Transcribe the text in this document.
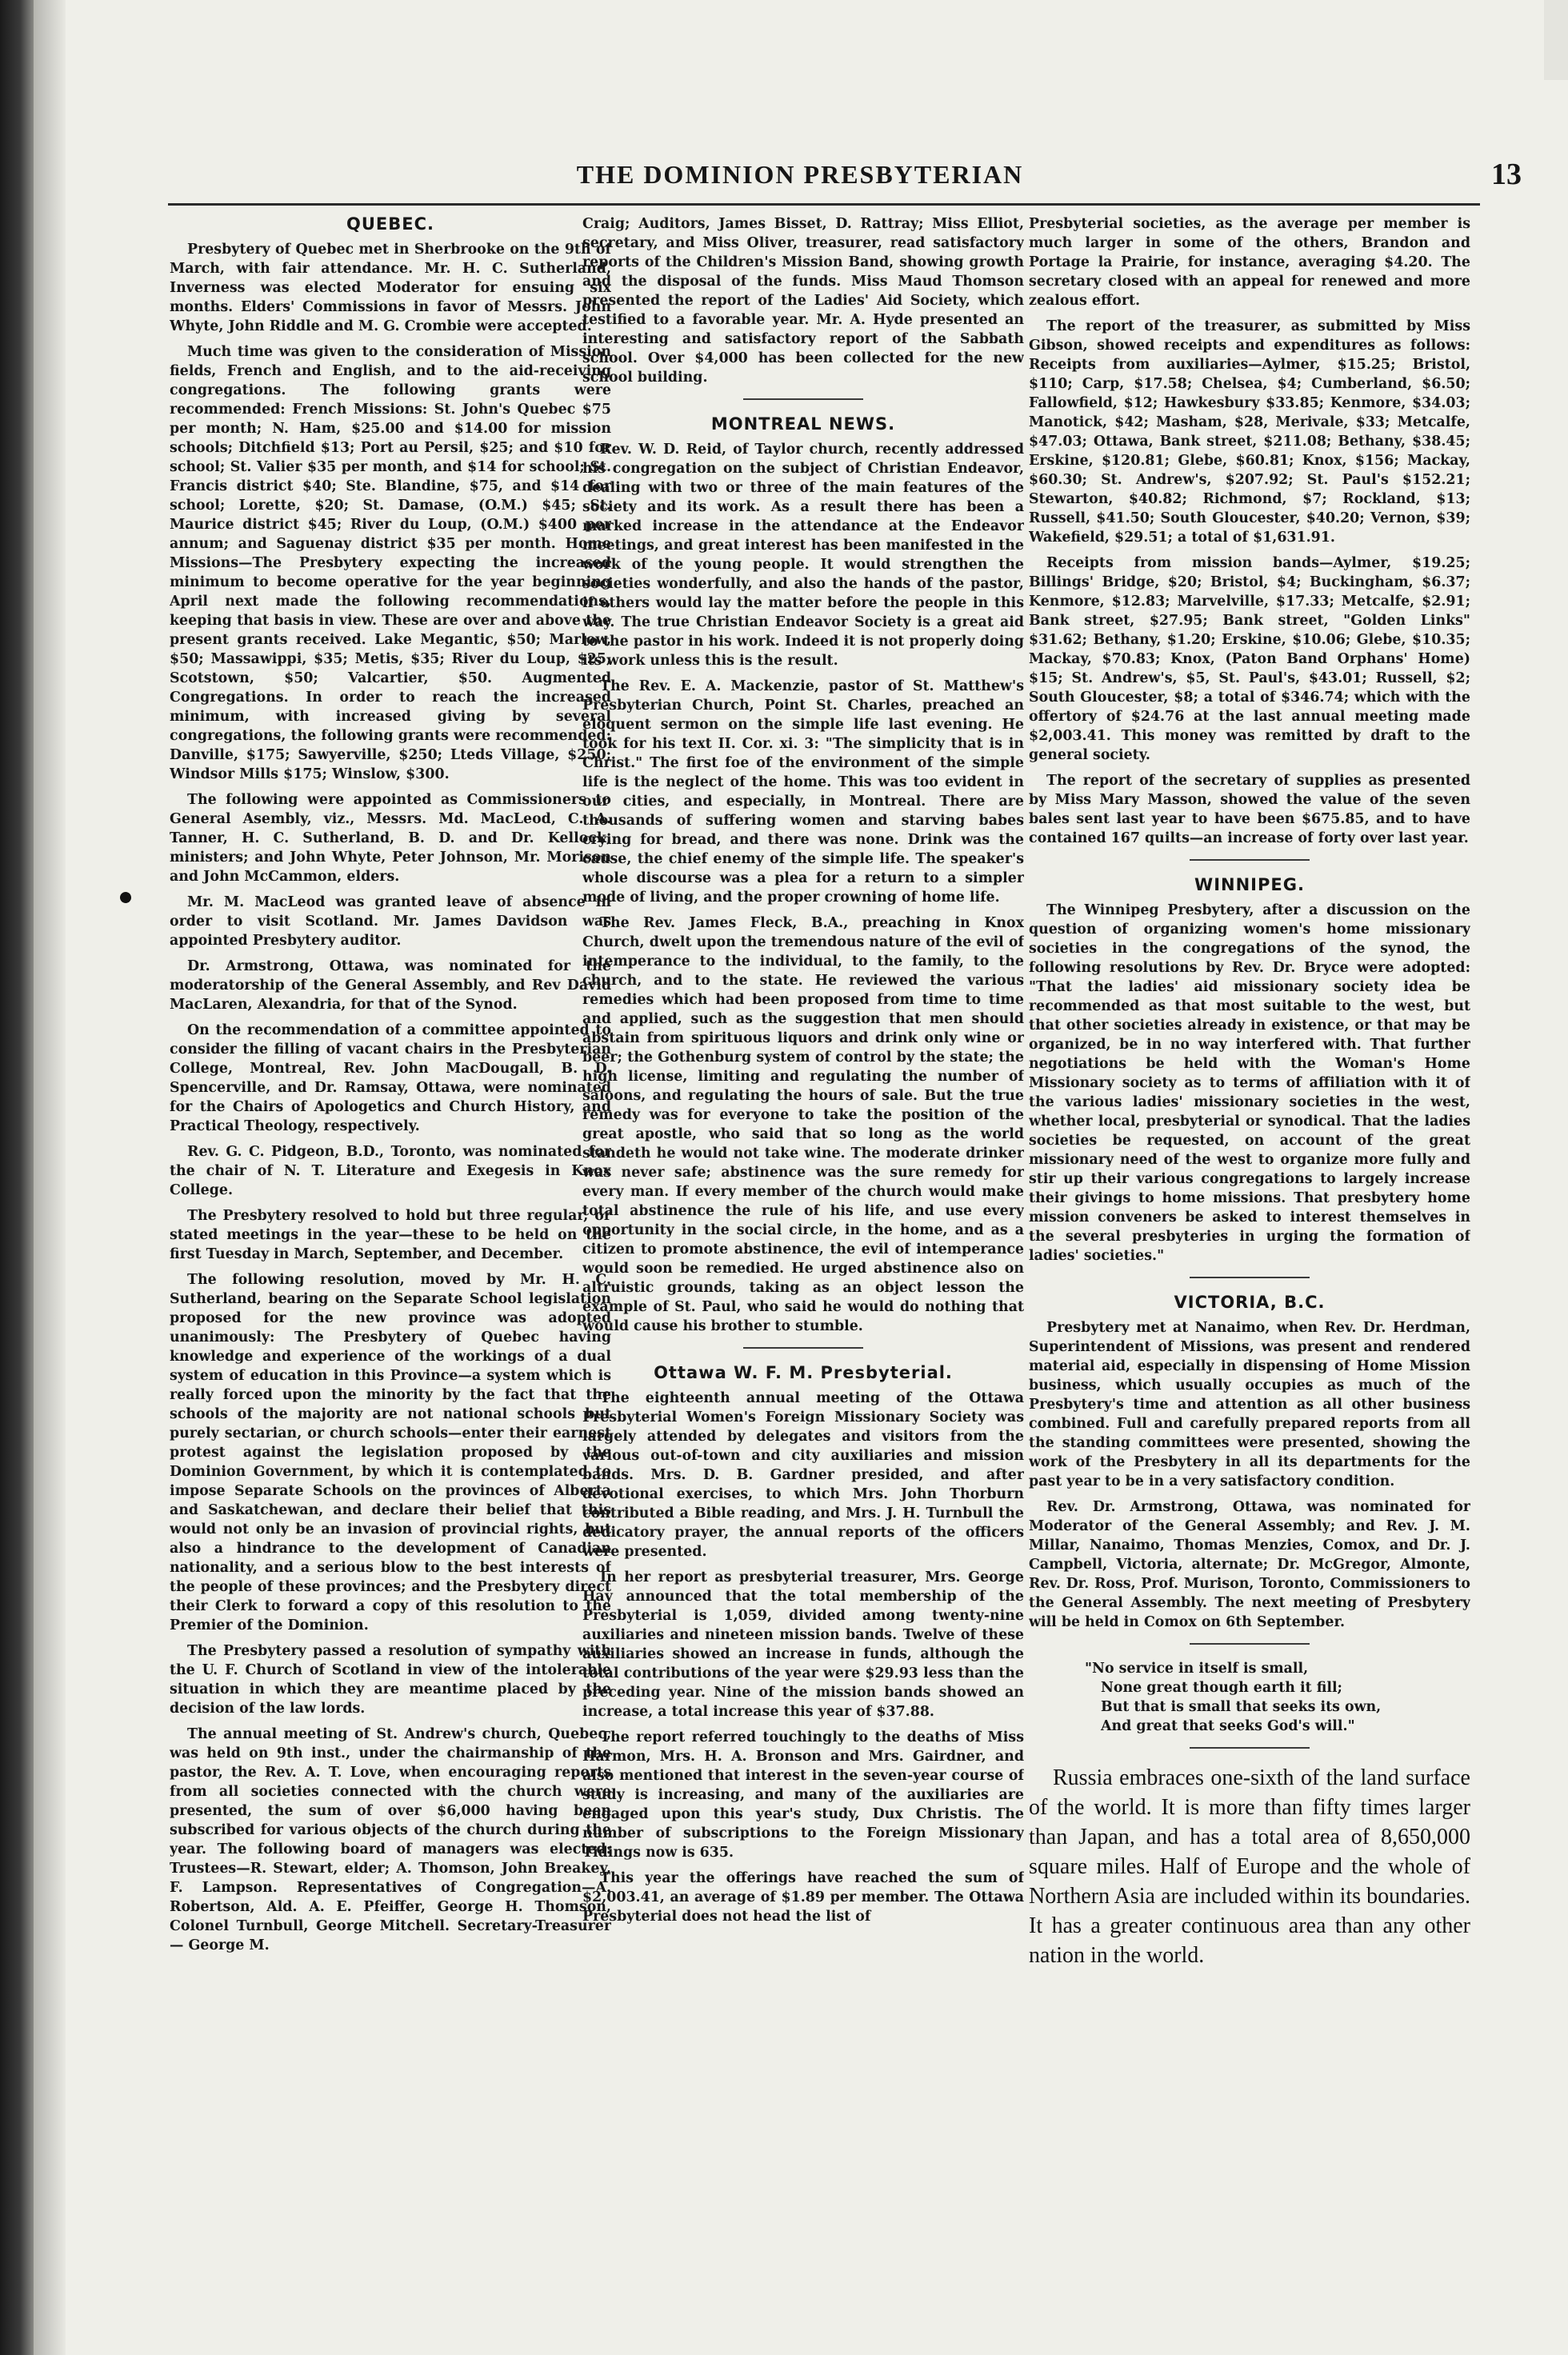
THE DOMINION PRESBYTERIAN	13
QUEBEC.

Presbytery of Quebec met in Sherbrooke on the 9th of March, with fair attendance. Mr. H. C. Sutherland, Inverness was elected Moderator for ensuing six months. Elders' Commissions in favor of Messrs. John Whyte, John Riddle and M. G. Crombie were accepted.

Much time was given to the consideration of Mission fields, French and English, and to the aid-receiving congregations. The following grants were recommended: French Missions: St. John's Quebec $75 per month; N. Ham, $25.00 and $14.00 for mission schools; Ditchfield $13; Port au Persil, $25; and $10 for school; St. Valier $35 per month, and $14 for school; St. Francis district $40; Ste. Blandine, $75, and $14 for school; Lorette, $20; St. Damase, (O.M.) $45; St. Maurice district $45; River du Loup, (O.M.) $400 per annum; and Saguenay district $35 per month. Home Missions—The Presbytery expecting the increased minimum to become operative for the year beginning April next made the following recommendations, keeping that basis in view. These are over and above the present grants received. Lake Megantic, $50; Marlow, $50; Massawippi, $35; Metis, $35; River du Loup, $25, Scotstown, $50; Valcartier, $50. Augmented Congregations. In order to reach the increased minimum, with increased giving by several congregations, the following grants were recommended: Danville, $175; Sawyerville, $250; Lteds Village, $250; Windsor Mills $175; Winslow, $300.

The following were appointed as Commissioners to General Asembly, viz., Messrs. Md. MacLeod, C. A. Tanner, H. C. Sutherland, B. D. and Dr. Kellock, ministers; and John Whyte, Peter Johnson, Mr. Morison and John McCammon, elders.

Mr. M. MacLeod was granted leave of absence in order to visit Scotland. Mr. James Davidson was appointed Presbytery auditor.

Dr. Armstrong, Ottawa, was nominated for the moderatorship of the General Assembly, and Rev David MacLaren, Alexandria, for that of the Synod.

On the recommendation of a committee appointed to consider the filling of vacant chairs in the Presbyterian College, Montreal, Rev. John MacDougall, B. D. Spencerville, and Dr. Ramsay, Ottawa, were nominated for the Chairs of Apologetics and Church History, and Practical Theology, respectively.

Rev. G. C. Pidgeon, B.D., Toronto, was nominated for the chair of N. T. Literature and Exegesis in Knox College.

The Presbytery resolved to hold but three regular, or stated meetings in the year—these to be held on the first Tuesday in March, September, and December.

The following resolution, moved by Mr. H. C. Sutherland, bearing on the Separate School legislation proposed for the new province was adopted unanimously: The Presbytery of Quebec having knowledge and experience of the workings of a dual system of education in this Province—a system which is really forced upon the minority by the fact that the schools of the majority are not national schools but purely sectarian, or church schools—enter their earnest protest against the legislation proposed by the Dominion Government, by which it is contemplated to impose Separate Schools on the provinces of Alberta and Saskatchewan, and declare their belief that this would not only be an invasion of provincial rights, but also a hindrance to the development of Canadian nationality, and a serious blow to the best interests of the people of these provinces; and the Presbytery direct their Clerk to forward a copy of this resolution to the Premier of the Dominion.

The Presbytery passed a resolution of sympathy with the U. F. Church of Scotland in view of the intolerable situation in which they are meantime placed by the decision of the law lords.

The annual meeting of St. Andrew's church, Quebec, was held on 9th inst., under the chairmanship of the pastor, the Rev. A. T. Love, when encouraging reports from all societies connected with the church were presented, the sum of over $6,000 having been subscribed for various objects of the church during the year. The following board of managers was elected: Trustees—R. Stewart, elder; A. Thomson, John Breakey, F. Lampson. Representatives of Congregation—A. Robertson, Ald. A. E. Pfeiffer, George H. Thomson, Colonel Turnbull, George Mitchell. Secretary-Treasurer — George M.

Craig; Auditors, James Bisset, D. Rattray; Miss Elliot, secretary, and Miss Oliver, treasurer, read satisfactory reports of the Children's Mission Band, showing growth and the disposal of the funds. Miss Maud Thomson presented the report of the Ladies' Aid Society, which testified to a favorable year. Mr. A. Hyde presented an interesting and satisfactory report of the Sabbath school. Over $4,000 has been collected for the new school building.

MONTREAL NEWS.

Rev. W. D. Reid, of Taylor church, recently addressed his congregation on the subject of Christian Endeavor, dealing with two or three of the main features of the society and its work. As a result there has been a marked increase in the attendance at the Endeavor meetings, and great interest has been manifested in the work of the young people. It would strengthen the societies wonderfully, and also the hands of the pastor, if others would lay the matter before the people in this way. The true Christian Endeavor Society is a great aid to the pastor in his work. Indeed it is not properly doing its work unless this is the result.

The Rev. E. A. Mackenzie, pastor of St. Matthew's Presbyterian Church, Point St. Charles, preached an eloquent sermon on the simple life last evening. He took for his text II. Cor. xi. 3: "The simplicity that is in Christ." The first foe of the environment of the simple life is the neglect of the home. This was too evident in our cities, and especially, in Montreal. There are thousands of suffering women and starving babes crying for bread, and there was none. Drink was the cause, the chief enemy of the simple life. The speaker's whole discourse was a plea for a return to a simpler mode of living, and the proper crowning of home life.

The Rev. James Fleck, B.A., preaching in Knox Church, dwelt upon the tremendous nature of the evil of intemperance to the individual, to the family, to the church, and to the state. He reviewed the various remedies which had been proposed from time to time and applied, such as the suggestion that men should abstain from spirituous liquors and drink only wine or beer; the Gothenburg system of control by the state; the high license, limiting and regulating the number of saloons, and regulating the hours of sale. But the true remedy was for everyone to take the position of the great apostle, who said that so long as the world standeth he would not take wine. The moderate drinker was never safe; abstinence was the sure remedy for every man. If every member of the church would make total abstinence the rule of his life, and use every opportunity in the social circle, in the home, and as a citizen to promote abstinence, the evil of intemperance would soon be remedied. He urged abstinence also on altruistic grounds, taking as an object lesson the example of St. Paul, who said he would do nothing that would cause his brother to stumble.

Ottawa W. F. M. Presbyterial.

The eighteenth annual meeting of the Ottawa Presbyterial Women's Foreign Missionary Society was largely attended by delegates and visitors from the various out-of-town and city auxiliaries and mission bands. Mrs. D. B. Gardner presided, and after devotional exercises, to which Mrs. John Thorburn contributed a Bible reading, and Mrs. J. H. Turnbull the dedicatory prayer, the annual reports of the officers were presented.

In her report as presbyterial treasurer, Mrs. George Hay announced that the total membership of the Presbyterial is 1,059, divided among twenty-nine auxiliaries and nineteen mission bands. Twelve of these auxiliaries showed an increase in funds, although the total contributions of the year were $29.93 less than the preceding year. Nine of the mission bands showed an increase, a total increase this year of $37.88.

The report referred touchingly to the deaths of Miss Harmon, Mrs. H. A. Bronson and Mrs. Gairdner, and also mentioned that interest in the seven-year course of study is increasing, and many of the auxiliaries are engaged upon this year's study, Dux Christis. The number of subscriptions to the Foreign Missionary Tidings now is 635.

This year the offerings have reached the sum of $2,003.41, an average of $1.89 per member. The Ottawa Presbyterial does not head the list of

Presbyterial societies, as the average per member is much larger in some of the others, Brandon and Portage la Prairie, for instance, averaging $4.20. The secretary closed with an appeal for renewed and more zealous effort.

The report of the treasurer, as submitted by Miss Gibson, showed receipts and expenditures as follows: Receipts from auxiliaries—Aylmer, $15.25; Bristol, $110; Carp, $17.58; Chelsea, $4; Cumberland, $6.50; Fallowfield, $12; Hawkesbury $33.85; Kenmore, $34.03; Manotick, $42; Masham, $28, Merivale, $33; Metcalfe, $47.03; Ottawa, Bank street, $211.08; Bethany, $38.45; Erskine, $120.81; Glebe, $60.81; Knox, $156; Mackay, $60.30; St. Andrew's, $207.92; St. Paul's $152.21; Stewarton, $40.82; Richmond, $7; Rockland, $13; Russell, $41.50; South Gloucester, $40.20; Vernon, $39; Wakefield, $29.51; a total of $1,631.91.

Receipts from mission bands—Aylmer, $19.25; Billings' Bridge, $20; Bristol, $4; Buckingham, $6.37; Kenmore, $12.83; Marvelville, $17.33; Metcalfe, $2.91; Bank street, $27.95; Bank street, "Golden Links" $31.62; Bethany, $1.20; Erskine, $10.06; Glebe, $10.35; Mackay, $70.83; Knox, (Paton Band Orphans' Home) $15; St. Andrew's, $5, St. Paul's, $43.01; Russell, $2; South Gloucester, $8; a total of $346.74; which with the offertory of $24.76 at the last annual meeting made $2,003.41. This money was remitted by draft to the general society.

The report of the secretary of supplies as presented by Miss Mary Masson, showed the value of the seven bales sent last year to have been $675.85, and to have contained 167 quilts—an increase of forty over last year.

WINNIPEG.

The Winnipeg Presbytery, after a discussion on the question of organizing women's home missionary societies in the congregations of the synod, the following resolutions by Rev. Dr. Bryce were adopted: "That the ladies' aid missionary society idea be recommended as that most suitable to the west, but that other societies already in existence, or that may be organized, be in no way interfered with. That further negotiations be held with the Woman's Home Missionary society as to terms of affiliation with it of the various ladies' missionary societies in the west, whether local, presbyterial or synodical. That the ladies societies be requested, on account of the great missionary need of the west to organize more fully and stir up their various congregations to largely increase their givings to home missions. That presbytery home mission conveners be asked to interest themselves in the several presbyteries in urging the formation of ladies' societies."

VICTORIA, B.C.

Presbytery met at Nanaimo, when Rev. Dr. Herdman, Superintendent of Missions, was present and rendered material aid, especially in dispensing of Home Mission business, which usually occupies as much of the Presbytery's time and attention as all other business combined. Full and carefully prepared reports from all the standing committees were presented, showing the work of the Presbytery in all its departments for the past year to be in a very satisfactory condition.

Rev. Dr. Armstrong, Ottawa, was nominated for Moderator of the General Assembly; and Rev. J. M. Millar, Nanaimo, Thomas Menzies, Comox, and Dr. J. Campbell, Victoria, alternate; Dr. McGregor, Almonte, Rev. Dr. Ross, Prof. Murison, Toronto, Commissioners to the General Assembly. The next meeting of Presbytery will be held in Comox on 6th September.

"No service in itself is small,
None great though earth it fill;
But that is small that seeks its own,
And great that seeks God's will."

Russia embraces one-sixth of the land surface of the world. It is more than fifty times larger than Japan, and has a total area of 8,650,000 square miles. Half of Europe and the whole of Northern Asia are included within its boundaries. It has a greater continuous area than any other nation in the world.
